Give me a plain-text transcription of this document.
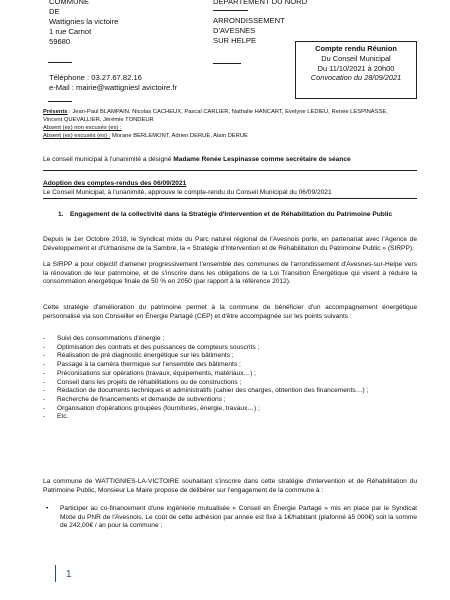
COMMUNE
DE
Wattignies la victoire
1 rue Carnot
59680
Téléphone : 03.27.67.82.16
e-Mail : mairie@wattigniesl avictoire.fr
DEPARTEMENT DU NORD
ARRONDISSEMENT
D'AVESNES
SUR HELPE
Compte rendu Réunion
Du Conseil Municipal
Du 11/10/2021 à 20h00
Convocation du 28/09/2021
Présents : Jean-Paul BLAMPAIN, Nicolas CACHEUX, Pascal CARLIER, Nathalie HANCART, Evelyne LEDIEU, Renée LESPINASSE,
Vincent QUEVALLIER, Jérémie TONDEUR
Absent (es) non excusés (es) :
Absent (es) excusés (es) : Morane BERLEMONT, Adrien DERUE, Alain DERUE
Le conseil municipal à l'unanimité a désigné Madame Renée Lespinasse comme secrétaire de séance
Adoption des comptes-rendus des 06/09/2021
Le Conseil Municipal, à l'unanimité, approuve le compte-rendu du Conseil Municipal du 06/09/2021
1. Engagement de la collectivité dans la Stratégie d'Intervention et de Réhabilitation du Patrimoine Public
Depuis le 1er Octobre 2018, le Syndicat mixte du Parc naturel régional de l'Avesnois porte, en partenariat avec l'Agence de Développement et d'Urbanisme de la Sambre, la « Stratégie d'Intervention et de Réhabilitation du Patrimoine Public » (SIRPP).
La SIRPP a pour objectif d'amener progressivement l'ensemble des communes de l'arrondissement d'Avesnes-sur-Helpe vers la rénovation de leur patrimoine, et de s'inscrire dans les obligations de la Loi Transition Énergétique qui visent à réduire la consommation énergétique finale de 50 % en 2050 (par rapport à la référence 2012).
Cette stratégie d'amélioration du patrimoine permet à la commune de bénéficier d'un accompagnement énergétique personnalisé via son Conseiller en Énergie Partagé (CEP) et d'être accompagnée sur les points suivants :
-	Suivi des consommations d'énergie ;
-	Optimisation des contrats et des puissances de compteurs souscrits ;
-	Réalisation de pré diagnostic énergétique sur les bâtiments ;
-	Passage à la caméra thermique sur l'ensemble des bâtiments ;
-	Préconisations sur opérations (travaux, équipements, matériaux…) ;
-	Conseil dans les projets de réhabilitations ou de constructions ;
-	Rédaction de documents techniques et administratifs (cahier des charges, obtention des financements…) ;
-	Recherche de financements et demande de subventions ;
-	Organisation d'opérations groupées (fournitures, énergie, travaux…) ;
-	Etc.
La commune de WATTIGNIES-LA-VICTOIRE souhaitant s'inscrire dans cette stratégie d'intervention et de Réhabilitation du Patrimoine Public, Monsieur Le Maire propose de délibérer sur l'engagement de la commune à :
•	Participer au co-financement d'une ingénierie mutualisée « Conseil en Énergie Partagé » mis en place par le Syndicat Mixte du PNR de l'Avesnois. Le coût de cette adhésion par année est fixé à 1€/habitant (plafonné à5 000€) soit la somme de 242,00€ / an pour la commune ;
1
